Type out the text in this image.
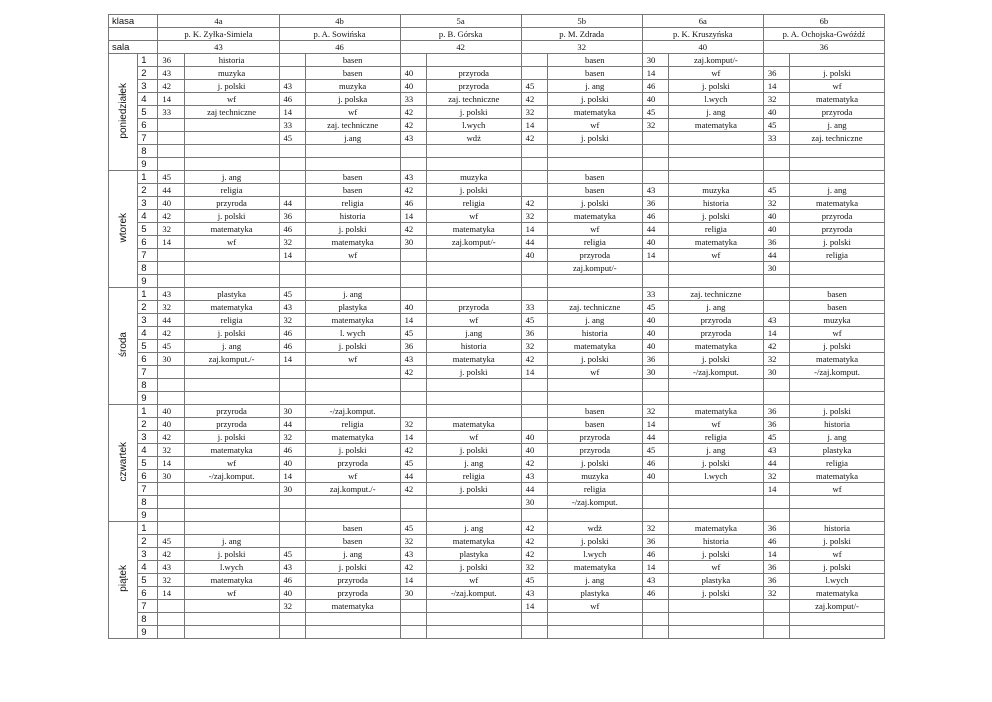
klasa		4a		4b		5a		5b		6a		6b	
		p. K. Zyłka-Simiela		p. A. Sowińska		p. B. Górska		p. M. Zdrada		p. K. Kruszyńska		p. A. Ochojska-Gwóźdź	
sala		43		46		42		32		40		36	
poniedziałek	1	36	historia		basen				basen	30	zaj.komput/-		
	2	43	muzyka		basen	40	przyroda		basen	14	wf	36	j. polski
	3	42	j. polski	43	muzyka	40	przyroda	45	j. ang	46	j. polski	14	wf
	4	14	wf	46	j. polska	33	zaj. techniczne	42	j. polski	40	l.wych	32	matematyka
	5	33	zaj techniczne	14	wf	42	j. polski	32	matematyka	45	j. ang	40	przyroda
	6			33	zaj. techniczne	42	l.wych	14	wf	32	matematyka	45	j. ang
	7			45	j.ang	43	wdż	42	j. polski			33	zaj. techniczne
	8												
	9												
wtorek	1	45	j. ang		basen	43	muzyka		basen				
	2	44	religia		basen	42	j. polski		basen	43	muzyka	45	j. ang
	3	40	przyroda	44	religia	46	religia	42	j. polski	36	historia	32	matematyka
	4	42	j. polski	36	historia	14	wf	32	matematyka	46	j. polski	40	przyroda
	5	32	matematyka	46	j. polski	42	matematyka	14	wf	44	religia	40	przyroda
	6	14	wf	32	matematyka	30	zaj.komput/-	44	religia	40	matematyka	36	j. polski
	7			14	wf			40	przyroda	14	wf	44	religia
	8								zaj.komput/-			30	
	9												
środa	1	43	plastyka	45	j. ang					33	zaj. techniczne		basen
	2	32	matematyka	43	plastyka	40	przyroda	33	zaj. techniczne	45	j. ang		basen
	3	44	religia	32	matematyka	14	wf	45	j. ang	40	przyroda	43	muzyka
	4	42	j. polski	46	l. wych	45	j.ang	36	historia	40	przyroda	14	wf
	5	45	j. ang	46	j. polski	36	historia	32	matematyka	40	matematyka	42	j. polski
	6	30	zaj.komput./-	14	wf	43	matematyka	42	j. polski	36	j. polski	32	matematyka
	7					42	j. polski	14	wf	30	-/zaj.komput.	30	-/zaj.komput.
	8												
	9												
czwartek	1	40	przyroda	30	-/zaj.komput.				basen	32	matematyka	36	j. polski
	2	40	przyroda	44	religia	32	matematyka		basen	14	wf	36	historia
	3	42	j. polski	32	matematyka	14	wf	40	przyroda	44	religia	45	j. ang
	4	32	matematyka	46	j. polski	42	j. polski	40	przyroda	45	j. ang	43	plastyka
	5	14	wf	40	przyroda	45	j. ang	42	j. polski	46	j. polski	44	religia
	6	30	-/zaj.komput.	14	wf	44	religia	43	muzyka	40	l.wych	32	matematyka
	7			30	zaj.komput./-	42	j. polski	44	religia			14	wf
	8							30	-/zaj.komput.				
	9												
piątek	1				basen	45	j. ang	42	wdż	32	matematyka	36	historia
	2	45	j. ang		basen	32	matematyka	42	j. polski	36	historia	46	j. polski
	3	42	j. polski	45	j. ang	43	plastyka	42	l.wych	46	j. polski	14	wf
	4	43	l.wych	43	j. polski	42	j. polski	32	matematyka	14	wf	36	j. polski
	5	32	matematyka	46	przyroda	14	wf	45	j. ang	43	plastyka	36	l.wych
	6	14	wf	40	przyroda	30	-/zaj.komput.	43	plastyka	46	j. polski	32	matematyka
	7			32	matematyka			14	wf				zaj.komput/-
	8												
	9												
